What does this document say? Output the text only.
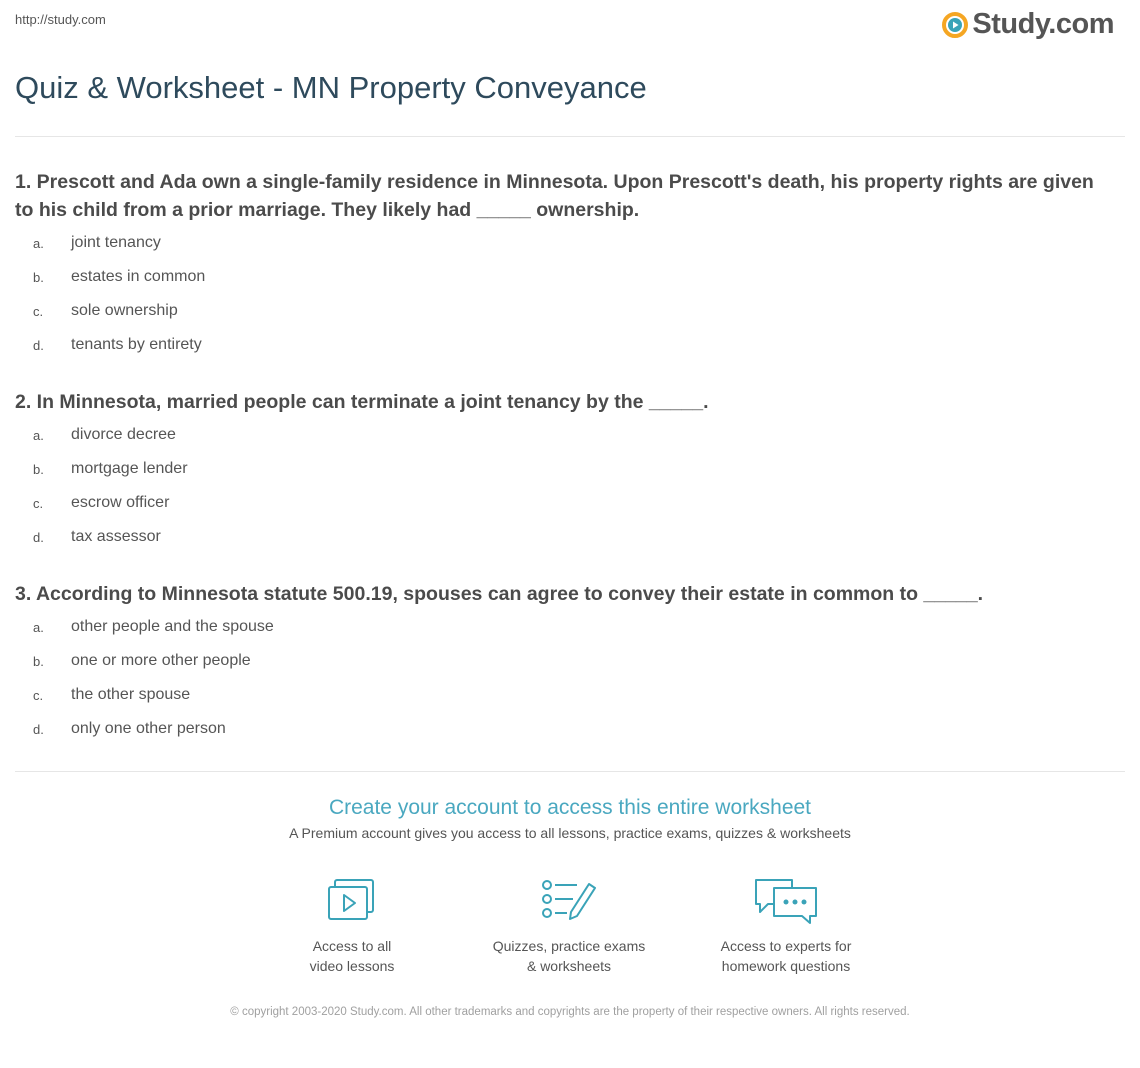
http://study.com	Study.com
Quiz & Worksheet - MN Property Conveyance

1. Prescott and Ada own a single-family residence in Minnesota. Upon Prescott's death, his property rights are given to his child from a prior marriage. They likely had _____ ownership.

a.	joint tenancy
b.	estates in common
c.	sole ownership
d.	tenants by entirety

2. In Minnesota, married people can terminate a joint tenancy by the _____.

a.	divorce decree
b.	mortgage lender
c.	escrow officer
d.	tax assessor

3. According to Minnesota statute 500.19, spouses can agree to convey their estate in common to _____.

a.	other people and the spouse
b.	one or more other people
c.	the other spouse
d.	only one other person

Create your account to access this entire worksheet

A Premium account gives you access to all lessons, practice exams, quizzes & worksheets

Access to all
video lessons
Quizzes, practice exams
& worksheets
Access to experts for
homework questions

© copyright 2003-2020 Study.com. All other trademarks and copyrights are the property of their respective owners. All rights reserved.
